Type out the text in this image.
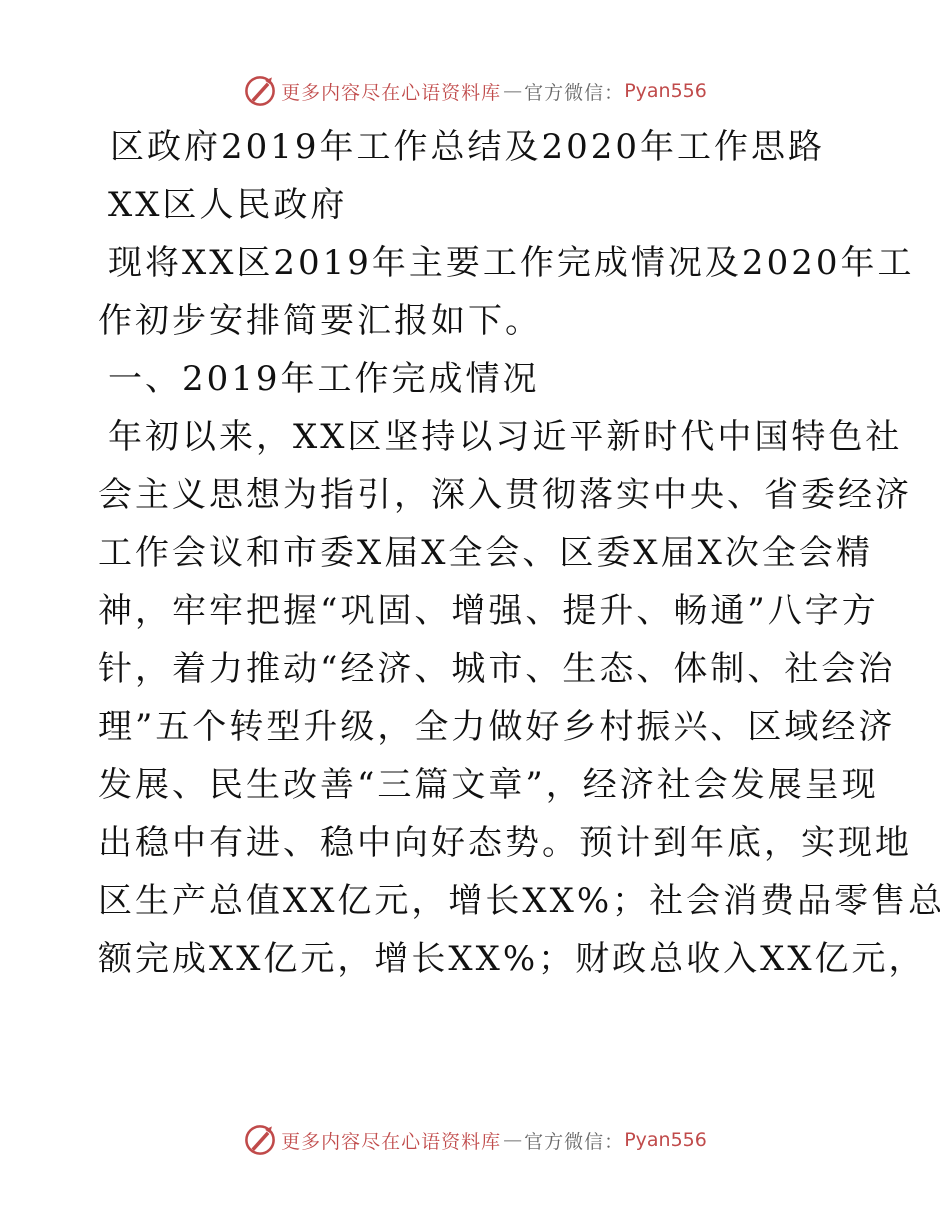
更多内容尽在心语资料库 — 官方微信： Pyan556

区政府2019年工作总结及2020年工作思路

XX区人民政府

现将XX区2019年主要工作完成情况及2020年工

作初步安排简要汇报如下。

一、2019年工作完成情况

年初以来，XX区坚持以习近平新时代中国特色社

会主义思想为指引，深入贯彻落实中央、省委经济

工作会议和市委X届X全会、区委X届X次全会精

神，牢牢把握“巩固、增强、提升、畅通”八字方

针，着力推动“经济、城市、生态、体制、社会治

理”五个转型升级，全力做好乡村振兴、区域经济

发展、民生改善“三篇文章”，经济社会发展呈现

出稳中有进、稳中向好态势。预计到年底，实现地

区生产总值XX亿元，增长XX%；社会消费品零售总

额完成XX亿元，增长XX%；财政总收入XX亿元，

更多内容尽在心语资料库 — 官方微信： Pyan556
